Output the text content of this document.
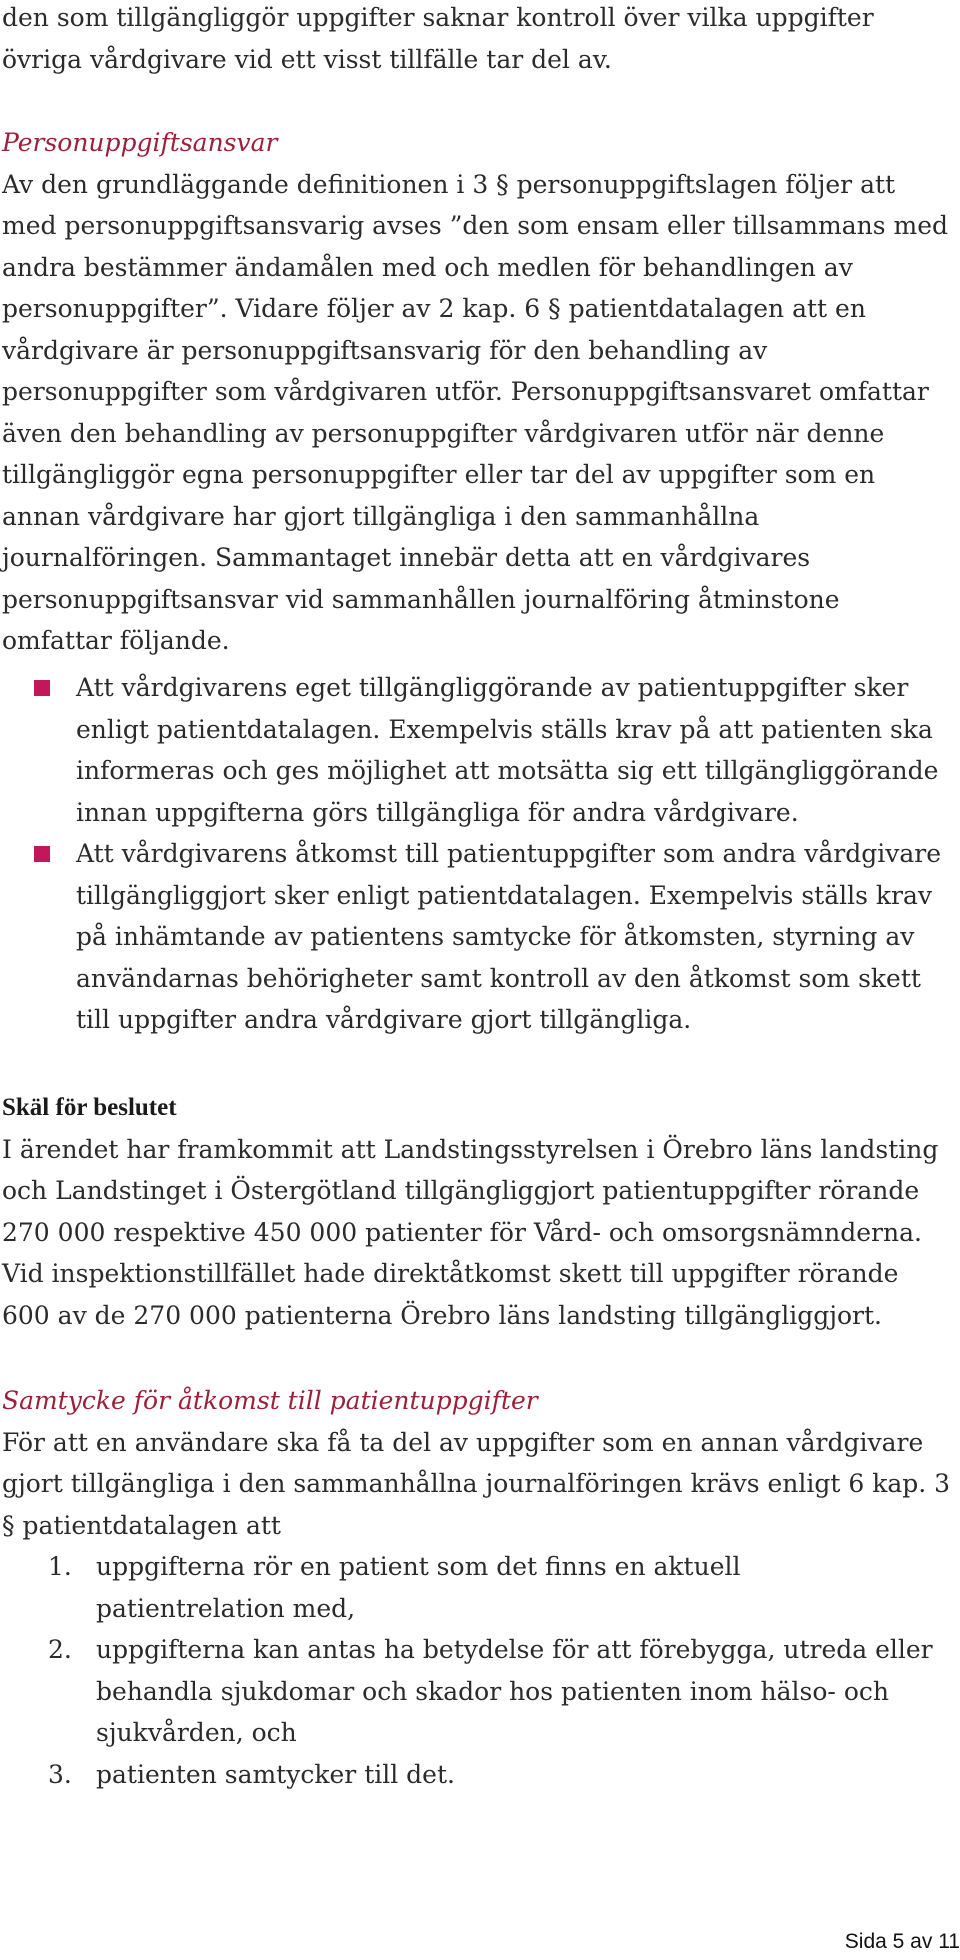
den som tillgängliggör uppgifter saknar kontroll över vilka uppgifter övriga vårdgivare vid ett visst tillfälle tar del av.

Personuppgiftsansvar

Av den grundläggande definitionen i 3 § personuppgiftslagen följer att med personuppgiftsansvarig avses ”den som ensam eller tillsammans med andra bestämmer ändamålen med och medlen för behandlingen av personuppgifter”. Vidare följer av 2 kap. 6 § patientdatalagen att en vårdgivare är personuppgiftsansvarig för den behandling av personuppgifter som vårdgivaren utför. Personuppgiftsansvaret omfattar även den behandling av personuppgifter vårdgivaren utför när denne tillgängliggör egna personuppgifter eller tar del av uppgifter som en annan vårdgivare har gjort tillgängliga i den sammanhållna journalföringen. Sammantaget innebär detta att en vårdgivares personuppgiftsansvar vid sammanhållen journalföring åtminstone omfattar följande.

Att vårdgivarens eget tillgängliggörande av patientuppgifter sker enligt patientdatalagen. Exempelvis ställs krav på att patienten ska informeras och ges möjlighet att motsätta sig ett tillgängliggörande innan uppgifterna görs tillgängliga för andra vårdgivare.
Att vårdgivarens åtkomst till patientuppgifter som andra vårdgivare tillgängliggjort sker enligt patientdatalagen. Exempelvis ställs krav på inhämtande av patientens samtycke för åtkomsten, styrning av användarnas behörigheter samt kontroll av den åtkomst som skett till uppgifter andra vårdgivare gjort tillgängliga.

Skäl för beslutet

I ärendet har framkommit att Landstingsstyrelsen i Örebro läns landsting och Landstinget i Östergötland tillgängliggjort patientuppgifter rörande 270 000 respektive 450 000 patienter för Vård- och omsorgsnämnderna. Vid inspektionstillfället hade direktåtkomst skett till uppgifter rörande 600 av de 270 000 patienterna Örebro läns landsting tillgängliggjort.

Samtycke för åtkomst till patientuppgifter

För att en användare ska få ta del av uppgifter som en annan vårdgivare gjort tillgängliga i den sammanhållna journalföringen krävs enligt 6 kap. 3 § patientdatalagen att

1. uppgifterna rör en patient som det finns en aktuell patientrelation med,
2. uppgifterna kan antas ha betydelse för att förebygga, utreda eller behandla sjukdomar och skador hos patienten inom hälso- och sjukvården, och
3. patienten samtycker till det.
Sida 5 av 11
